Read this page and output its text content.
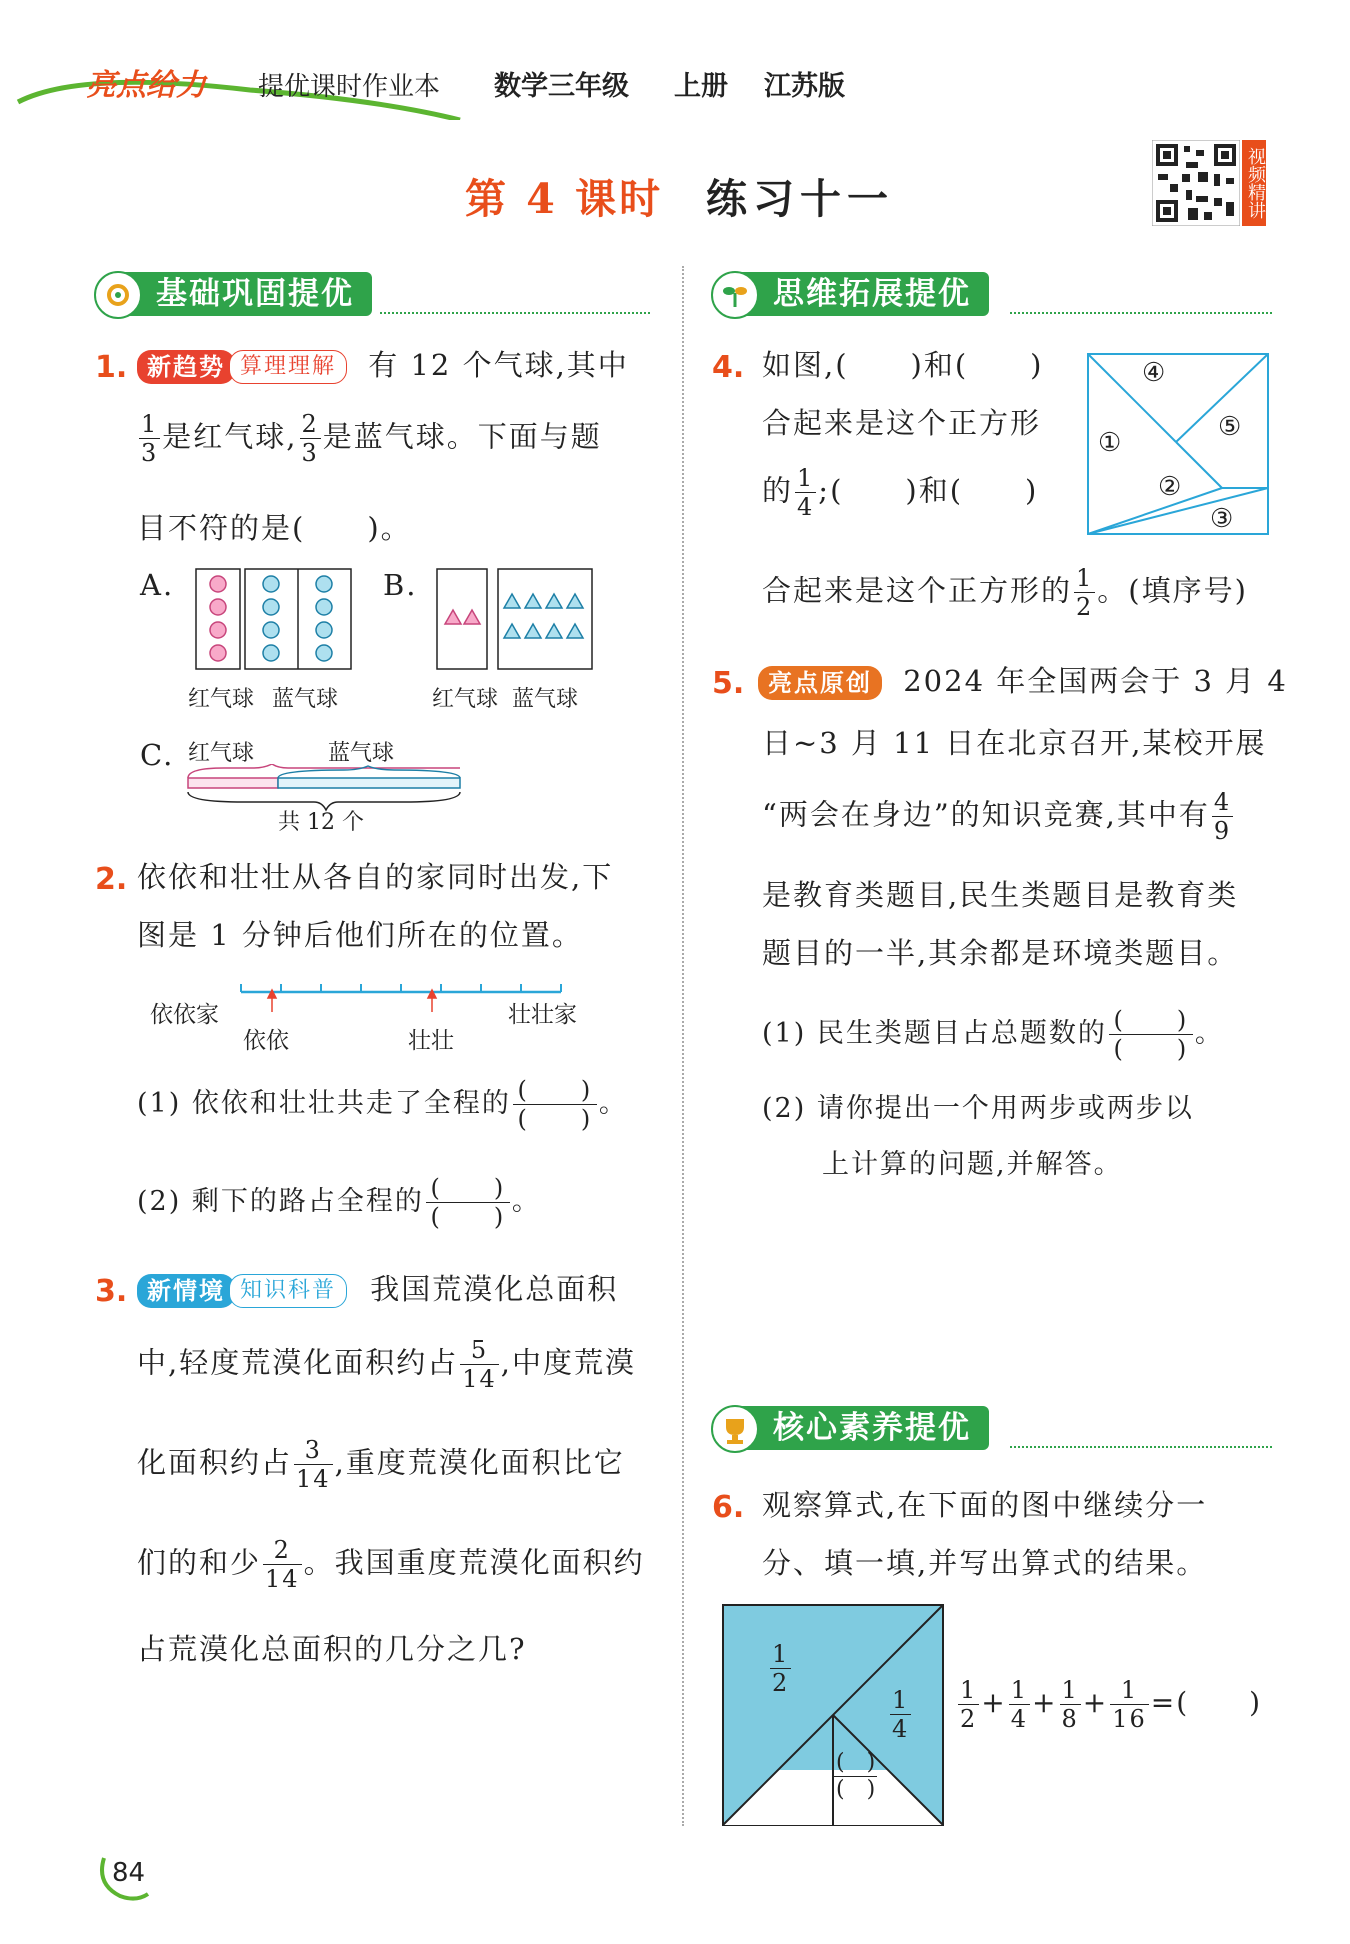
亮点给力 提优课时作业本 数学三年级 上册 江苏版
第 4 课时 练习十一	视频精讲
基础巩固提优
1. 新趋势 算理理解 有 12 个气球,其中
$\frac{1}{3}$ 是红气球, $\frac{2}{3}$ 是蓝气球。下面与题
目不符的是(　　)。
A.
红气球 蓝气球
B.
红气球 蓝气球
C. 红气球	蓝气球
共 12 个
2. 依依和壮壮从各自的家同时出发,下
图是 1 分钟后他们所在的位置。
依依家
依依	壮壮
壮壮家
(1) 依依和壮壮共走了全程的 $\frac{( )}{( )}$ 。
(2) 剩下的路占全程的 $\frac{( )}{( )}$ 。
3. 新情境 知识科普 我国荒漠化总面积
中,轻度荒漠化面积约占 $\frac{5}{14}$ ,中度荒漠
化面积约占 $\frac{3}{14}$ ,重度荒漠化面积比它
们的和少 $\frac{2}{14}$ 。我国重度荒漠化面积约
占荒漠化总面积的几分之几?
思维拓展提优
4. 如图,(　　)和(　　)
合起来是这个正方形
的 $\frac{1}{4}$ ;(　　)和(　　)
④
①
⑤
②
③
合起来是这个正方形的 $\frac{1}{2}$ 。(填序号)
5. 亮点原创 2024 年全国两会于 3 月 4
日~3 月 11 日在北京召开,某校开展
“两会在身边”的知识竞赛,其中有 $\frac{4}{9}$
是教育类题目,民生类题目是教育类
题目的一半,其余都是环境类题目。
(1) 民生类题目占总题数的 $\frac{( )}{( )}$ 。
(2) 请你提出一个用两步或两步以
上计算的问题,并解答。
核心素养提优
6. 观察算式,在下面的图中继续分一
分、填一填,并写出算式的结果。
$\frac{1}{2}$
$\frac{1}{4}$
$\frac{( )}{( )}$
$\frac{1}{2} + \frac{1}{4} + \frac{1}{8} + \frac{1}{16}$ =(　　)
84
